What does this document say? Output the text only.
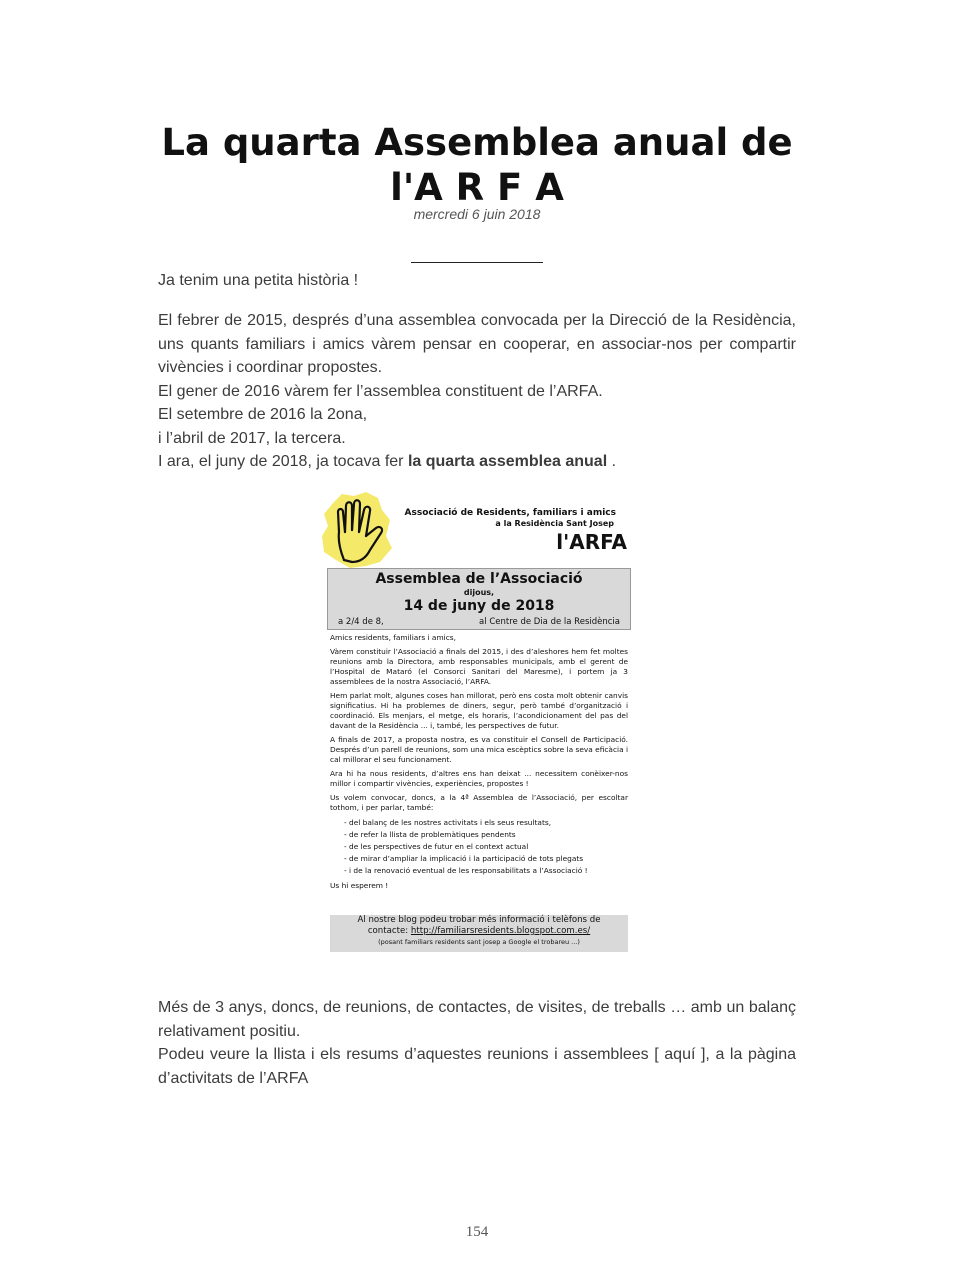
La quarta Assemblea anual de
l'A R F A
mercredi 6 juin 2018
Ja tenim una petita història !

El febrer de 2015, després d’una assemblea convocada per la Direcció de la Residència, uns quants familiars i amics vàrem pensar en cooperar, en associar-nos per compartir vivències i coordinar propostes.

El gener de 2016 vàrem fer l’assemblea constituent de l’ARFA.

El setembre de 2016 la 2ona,

i l’abril de 2017, la tercera.

I ara, el juny de 2018, ja tocava fer la quarta assemblea anual .

Associació de Residents, familiars i amics
a la Residència Sant Josep
l'ARFA
Assemblea de l’Associació
dijous,
14 de juny de 2018
a 2/4 de 8,	al Centre de Dia de la Residència

Amics residents, familiars i amics,

Vàrem constituir l’Associació a finals del 2015, i des d’aleshores hem fet moltes reunions amb la Directora, amb responsables municipals, amb el gerent de l’Hospital de Mataró (el Consorci Sanitari del Maresme), i portem ja 3 assemblees de la nostra Associació, l’ARFA.

Hem parlat molt, algunes coses han millorat, però ens costa molt obtenir canvis significatius. Hi ha problemes de diners, segur, però també d’organització i coordinació. Els menjars, el metge, els horaris, l’acondicionament del pas del davant de la Residència ... i, també, les perspectives de futur.

A finals de 2017, a proposta nostra, es va constituir el Consell de Participació. Després d’un parell de reunions, som una mica escèptics sobre la seva eficàcia i cal millorar el seu funcionament.

Ara hi ha nous residents, d’altres ens han deixat ... necessitem conèixer-nos millor i compartir vivències, experiències, propostes !

Us volem convocar, doncs, a la 4ª Assemblea de l’Associació, per escoltar tothom, i per parlar, també:

- del balanç de les nostres activitats i els seus resultats,
- de refer la llista de problemàtiques pendents
- de les perspectives de futur en el context actual
- de mirar d’ampliar la implicació i la participació de tots plegats
- i de la renovació eventual de les responsabilitats a l’Associació !

Us hi esperem !

Al nostre blog podeu trobar més informació i telèfons de
contacte: http://familiarsresidents.blogspot.com.es/
(posant familiars residents sant josep a Google el trobareu ...)

Més de 3 anys, doncs, de reunions, de contactes, de visites, de treballs … amb un balanç relativament positiu.

Podeu veure la llista i els resums d’aquestes reunions i assemblees [ aquí ], a la pàgina d’activitats de l’ARFA

154
